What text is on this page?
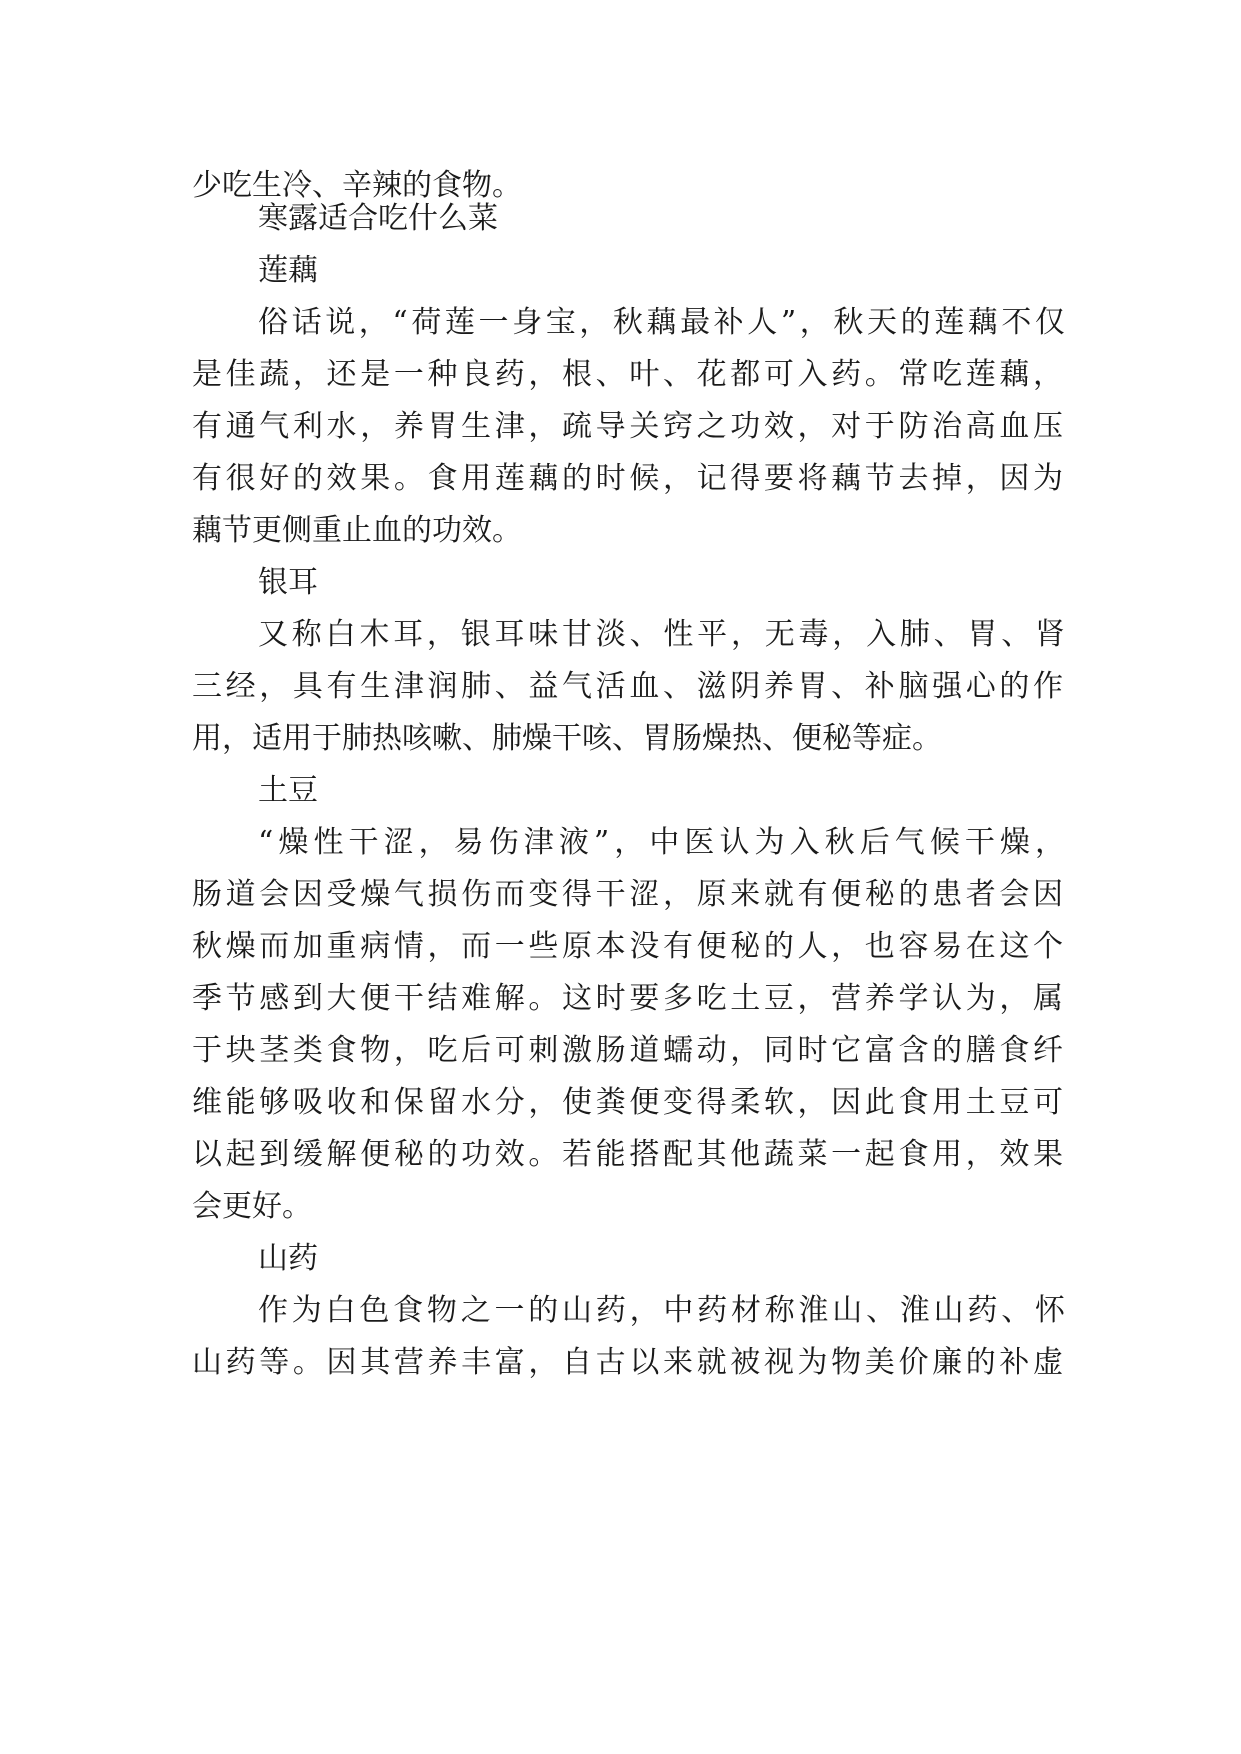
少吃生冷、辛辣的食物。
寒露适合吃什么菜
莲藕
俗话说，“荷莲一身宝，秋藕最补人”，秋天的莲藕不仅
是佳蔬，还是一种良药，根、叶、花都可入药。常吃莲藕，
有通气利水，养胃生津，疏导关窍之功效，对于防治高血压
有很好的效果。食用莲藕的时候，记得要将藕节去掉，因为
藕节更侧重止血的功效。
银耳
又称白木耳，银耳味甘淡、性平，无毒，入肺、胃、肾
三经，具有生津润肺、益气活血、滋阴养胃、补脑强心的作
用，适用于肺热咳嗽、肺燥干咳、胃肠燥热、便秘等症。
土豆
“燥性干涩，易伤津液”，中医认为入秋后气候干燥，
肠道会因受燥气损伤而变得干涩，原来就有便秘的患者会因
秋燥而加重病情，而一些原本没有便秘的人，也容易在这个
季节感到大便干结难解。这时要多吃土豆，营养学认为，属
于块茎类食物，吃后可刺激肠道蠕动，同时它富含的膳食纤
维能够吸收和保留水分，使粪便变得柔软，因此食用土豆可
以起到缓解便秘的功效。若能搭配其他蔬菜一起食用，效果
会更好。
山药
作为白色食物之一的山药，中药材称淮山、淮山药、怀
山药等。因其营养丰富，自古以来就被视为物美价廉的补虚
